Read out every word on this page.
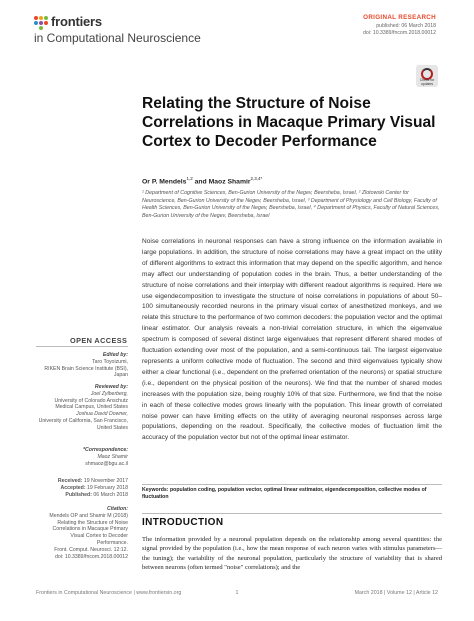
frontiers
in Computational Neuroscience
ORIGINAL RESEARCH
published: 06 March 2018
doi: 10.3389/fncom.2018.00012
Check for updates
Relating the Structure of Noise Correlations in Macaque Primary Visual Cortex to Decoder Performance
Or P. Mendels$^{1,2}$ and Maoz Shamir$^{2,3,4*}$
¹ Department of Cognitive Sciences, Ben-Gurion University of the Negev, Beersheba, Israel, ² Zlotowski Center for Neuroscience, Ben-Gurion University of the Negev, Beersheba, Israel, ³ Department of Physiology and Cell Biology, Faculty of Health Sciences, Ben-Gurion University of the Negev, Beersheba, Israel, ⁴ Department of Physics, Faculty of Natural Sciences, Ben-Gurion University of the Negev, Beersheba, Israel
Noise correlations in neuronal responses can have a strong influence on the information available in large populations. In addition, the structure of noise correlations may have a great impact on the utility of different algorithms to extract this information that may depend on the specific algorithm, and hence may affect our understanding of population codes in the brain. Thus, a better understanding of the structure of noise correlations and their interplay with different readout algorithms is required. Here we use eigendecomposition to investigate the structure of noise correlations in populations of about 50–100 simultaneously recorded neurons in the primary visual cortex of anesthetized monkeys, and we relate this structure to the performance of two common decoders: the population vector and the optimal linear estimator. Our analysis reveals a non-trivial correlation structure, in which the eigenvalue spectrum is composed of several distinct large eigenvalues that represent different shared modes of fluctuation extending over most of the population, and a semi-continuous tail. The largest eigenvalue represents a uniform collective mode of fluctuation. The second and third eigenvalues typically show either a clear functional (i.e., dependent on the preferred orientation of the neurons) or spatial structure (i.e., dependent on the physical position of the neurons). We find that the number of shared modes increases with the population size, being roughly 10% of that size. Furthermore, we find that the noise in each of these collective modes grows linearly with the population. This linear growth of correlated noise power can have limiting effects on the utility of averaging neuronal responses across large populations, depending on the readout. Specifically, the collective modes of fluctuation limit the accuracy of the population vector but not of the optimal linear estimator.
Keywords: population coding, population vector, optimal linear estimator, eigendecomposition, collective modes of fluctuation
OPEN ACCESS
Edited by:
Taro Toyoizumi,
RIKEN Brain Science Institute (BSI),
Japan
Reviewed by:
Joel Zylberberg,
University of Colorado Anschutz
Medical Campus, United States
Joshua David Downer,
University of California, San Francisco,
United States
*Correspondence:
Maoz Shamir
shmaoz@bgu.ac.il
Received: 19 November 2017
Accepted: 19 February 2018
Published: 06 March 2018
Citation:
Mendels OP and Shamir M (2018)
Relating the Structure of Noise
Correlations in Macaque Primary
Visual Cortex to Decoder
Performance.
Front. Comput. Neurosci. 12:12.
doi: 10.3389/fncom.2018.00012
INTRODUCTION
The information provided by a neuronal population depends on the relationship among several quantities: the signal provided by the population (i.e., how the mean response of each neuron varies with stimulus parameters—the tuning); the variability of the neuronal population, particularly the structure of variability that is shared between neurons (often termed "noise" correlations); and the
Frontiers in Computational Neuroscience | www.frontiersin.org	1	March 2018 | Volume 12 | Article 12
